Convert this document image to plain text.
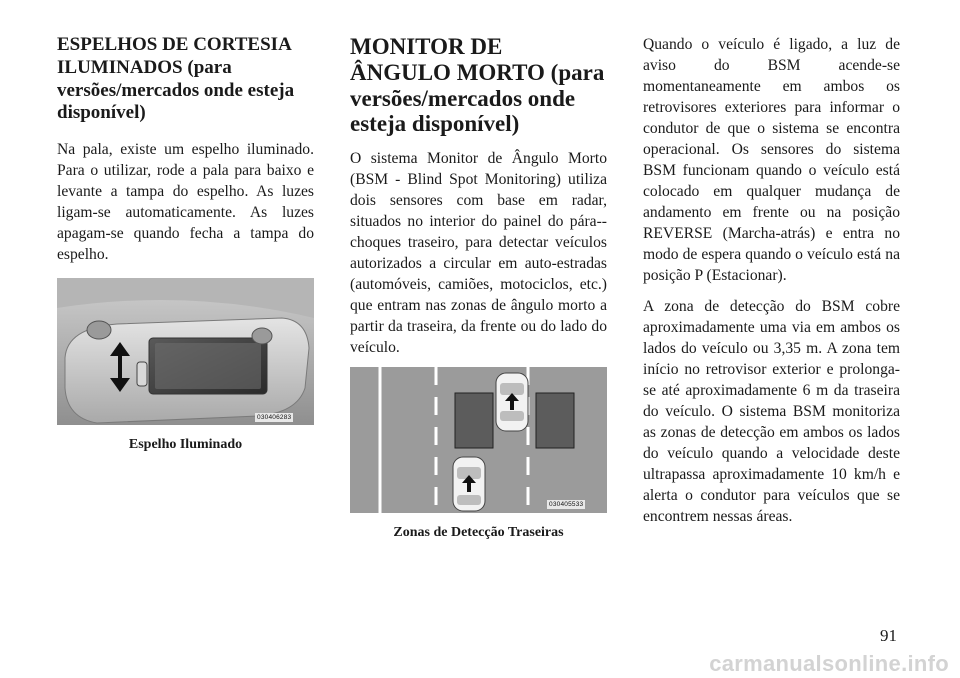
ESPELHOS DE CORTESIA ILUMINADOS (para versões/mercados onde esteja disponível)

Na pala, existe um espelho iluminado. Para o utilizar, rode a pala para baixo e levante a tampa do espelho. As luzes ligam-se automaticamente. As luzes apagam-se quando fecha a tampa do espelho.

030406283
Espelho Iluminado
MONITOR DE ÂNGULO MORTO (para versões/mercados onde esteja disponível)

O sistema Monitor de Ângulo Morto (BSM - Blind Spot Monitoring) utiliza dois sensores com base em radar, situados no interior do painel do pára--choques traseiro, para detectar veículos autorizados a circular em auto-estradas (automóveis, camiões, motociclos, etc.) que entram nas zonas de ângulo morto a partir da traseira, da frente ou do lado do veículo.

030405533
Zonas de Detecção Traseiras

Quando o veículo é ligado, a luz de aviso do BSM acende-se momentaneamente em ambos os retrovisores exteriores para informar o condutor de que o sistema se encontra operacional. Os sensores do sistema BSM funcionam quando o veículo está colocado em qualquer mudança de andamento em frente ou na posição REVERSE (Marcha-atrás) e entra no modo de espera quando o veículo está na posição P (Estacionar).

A zona de detecção do BSM cobre aproximadamente uma via em ambos os lados do veículo ou 3,35 m. A zona tem início no retrovisor exterior e prolonga-se até aproximadamente 6 m da traseira do veículo. O sistema BSM monitoriza as zonas de detecção em ambos os lados do veículo quando a velocidade deste ultrapassa aproximadamente 10 km/h e alerta o condutor para veículos que se encontrem nessas áreas.

91
carmanualsonline.info
